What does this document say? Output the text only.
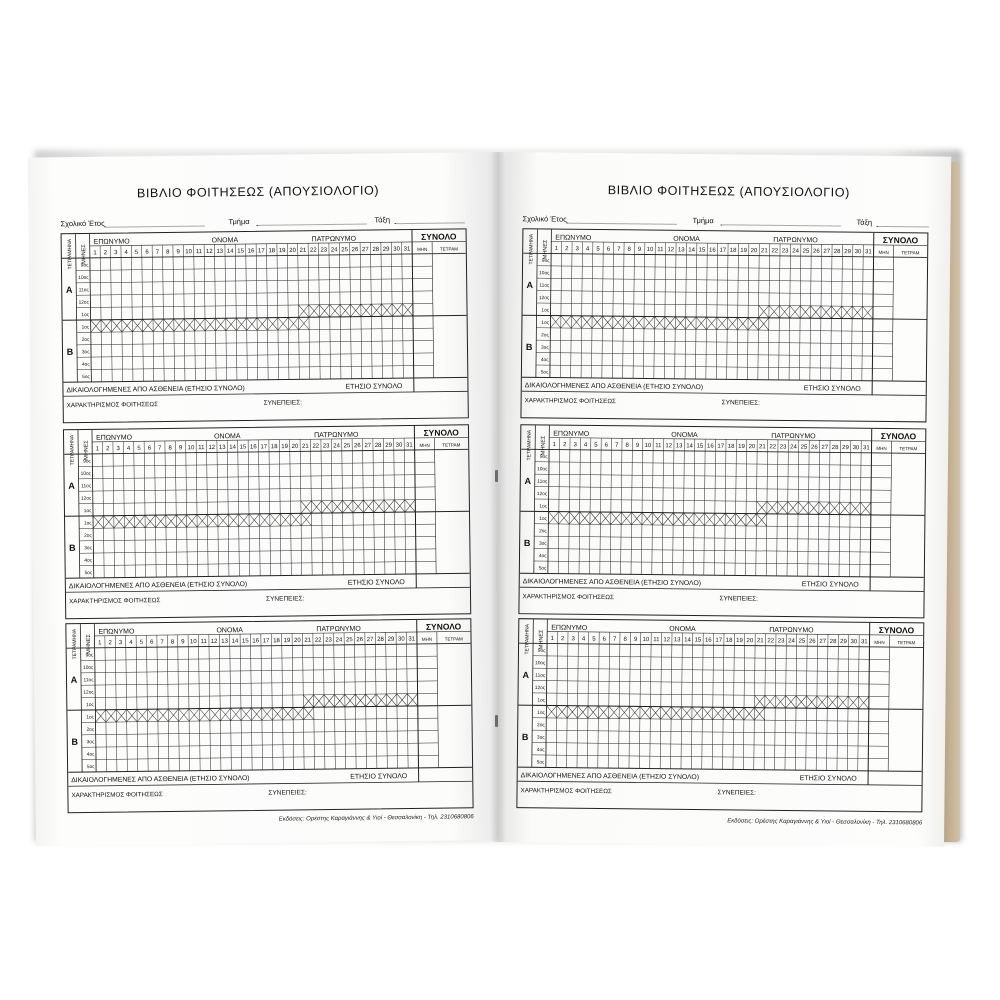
ΒΙΒΛΙΟ ΦΟΙΤΗΣΕΩΣ (ΑΠΟΥΣΙΟΛΟΓΙΟ)
Σχολικό Έτος	Τμήμα	Τάξη
ΤΕΤΡΑΜΗΝΑ ΜΗΝΕΣ
ΕΠΩΝΥΜΟ	ΟΝΟΜΑ	ΠΑΤΡΩΝΥΜΟ	ΣΥΝΟΛΟ
ΜΗΝ	ΤΕΤΡΑΜ
1 2 3 4 5 6 7 8 9 10 11 12 13 14 15 16 17 18 19 20 21 22 23 24 25 26 27 28 29 30 31
9ος
10ος
11ος
12ος
1ος
1ος
2ος
3ος
4ος
5ος
Α
Β
ΔΙΚΑΙΟΛΟΓΗΜΕΝΕΣ ΑΠΟ ΑΣΘΕΝΕΙΑ (ΕΤΗΣΙΟ ΣΥΝΟΛΟ)	ΕΤΗΣΙΟ ΣΥΝΟΛΟ
ΧΑΡΑΚΤΗΡΙΣΜΟΣ ΦΟΙΤΗΣΕΩΣ	ΣΥΝΕΠΕΙΕΣ:
ΤΕΤΡΑΜΗΝΑ ΜΗΝΕΣ
ΕΠΩΝΥΜΟ	ΟΝΟΜΑ	ΠΑΤΡΩΝΥΜΟ	ΣΥΝΟΛΟ
ΜΗΝ	ΤΕΤΡΑΜ
1 2 3 4 5 6 7 8 9 10 11 12 13 14 15 16 17 18 19 20 21 22 23 24 25 26 27 28 29 30 31
9ος
10ος
11ος
12ος
1ος
1ος
2ος
3ος
4ος
5ος
Α
Β
ΔΙΚΑΙΟΛΟΓΗΜΕΝΕΣ ΑΠΟ ΑΣΘΕΝΕΙΑ (ΕΤΗΣΙΟ ΣΥΝΟΛΟ)	ΕΤΗΣΙΟ ΣΥΝΟΛΟ
ΧΑΡΑΚΤΗΡΙΣΜΟΣ ΦΟΙΤΗΣΕΩΣ	ΣΥΝΕΠΕΙΕΣ:
ΤΕΤΡΑΜΗΝΑ ΜΗΝΕΣ
ΕΠΩΝΥΜΟ	ΟΝΟΜΑ	ΠΑΤΡΩΝΥΜΟ	ΣΥΝΟΛΟ
ΜΗΝ	ΤΕΤΡΑΜ
1 2 3 4 5 6 7 8 9 10 11 12 13 14 15 16 17 18 19 20 21 22 23 24 25 26 27 28 29 30 31
9ος
10ος
11ος
12ος
1ος
1ος
2ος
3ος
4ος
5ος
Α
Β
ΔΙΚΑΙΟΛΟΓΗΜΕΝΕΣ ΑΠΟ ΑΣΘΕΝΕΙΑ (ΕΤΗΣΙΟ ΣΥΝΟΛΟ)	ΕΤΗΣΙΟ ΣΥΝΟΛΟ
ΧΑΡΑΚΤΗΡΙΣΜΟΣ ΦΟΙΤΗΣΕΩΣ	ΣΥΝΕΠΕΙΕΣ:
Εκδόσεις: Ορέστης Καραγιάννης & Υιοί - Θεσσαλονίκη - Τηλ. 2310680806
ΒΙΒΛΙΟ ΦΟΙΤΗΣΕΩΣ (ΑΠΟΥΣΙΟΛΟΓΙΟ)
Σχολικό Έτος	Τμήμα	Τάξη
ΤΕΤΡΑΜΗΝΑ ΜΗΝΕΣ
ΕΠΩΝΥΜΟ	ΟΝΟΜΑ	ΠΑΤΡΩΝΥΜΟ	ΣΥΝΟΛΟ
ΜΗΝ	ΤΕΤΡΑΜ
1 2 3 4 5 6 7 8 9 10 11 12 13 14 15 16 17 18 19 20 21 22 23 24 25 26 27 28 29 30 31
9ος
10ος
11ος
12ος
1ος
1ος
2ος
3ος
4ος
5ος
Α
Β
ΔΙΚΑΙΟΛΟΓΗΜΕΝΕΣ ΑΠΟ ΑΣΘΕΝΕΙΑ (ΕΤΗΣΙΟ ΣΥΝΟΛΟ)	ΕΤΗΣΙΟ ΣΥΝΟΛΟ
ΧΑΡΑΚΤΗΡΙΣΜΟΣ ΦΟΙΤΗΣΕΩΣ	ΣΥΝΕΠΕΙΕΣ:
ΤΕΤΡΑΜΗΝΑ ΜΗΝΕΣ
ΕΠΩΝΥΜΟ	ΟΝΟΜΑ	ΠΑΤΡΩΝΥΜΟ	ΣΥΝΟΛΟ
ΜΗΝ	ΤΕΤΡΑΜ
1 2 3 4 5 6 7 8 9 10 11 12 13 14 15 16 17 18 19 20 21 22 23 24 25 26 27 28 29 30 31
9ος
10ος
11ος
12ος
1ος
1ος
2ος
3ος
4ος
5ος
Α
Β
ΔΙΚΑΙΟΛΟΓΗΜΕΝΕΣ ΑΠΟ ΑΣΘΕΝΕΙΑ (ΕΤΗΣΙΟ ΣΥΝΟΛΟ)	ΕΤΗΣΙΟ ΣΥΝΟΛΟ
ΧΑΡΑΚΤΗΡΙΣΜΟΣ ΦΟΙΤΗΣΕΩΣ	ΣΥΝΕΠΕΙΕΣ:
ΤΕΤΡΑΜΗΝΑ ΜΗΝΕΣ
ΕΠΩΝΥΜΟ	ΟΝΟΜΑ	ΠΑΤΡΩΝΥΜΟ	ΣΥΝΟΛΟ
ΜΗΝ	ΤΕΤΡΑΜ
1 2 3 4 5 6 7 8 9 10 11 12 13 14 15 16 17 18 19 20 21 22 23 24 25 26 27 28 29 30 31
9ος
10ος
11ος
12ος
1ος
1ος
2ος
3ος
4ος
5ος
Α
Β
ΔΙΚΑΙΟΛΟΓΗΜΕΝΕΣ ΑΠΟ ΑΣΘΕΝΕΙΑ (ΕΤΗΣΙΟ ΣΥΝΟΛΟ)	ΕΤΗΣΙΟ ΣΥΝΟΛΟ
ΧΑΡΑΚΤΗΡΙΣΜΟΣ ΦΟΙΤΗΣΕΩΣ	ΣΥΝΕΠΕΙΕΣ:
Εκδόσεις: Ορέστης Καραγιάννης & Υιοί - Θεσσαλονίκη - Τηλ. 2310680806
